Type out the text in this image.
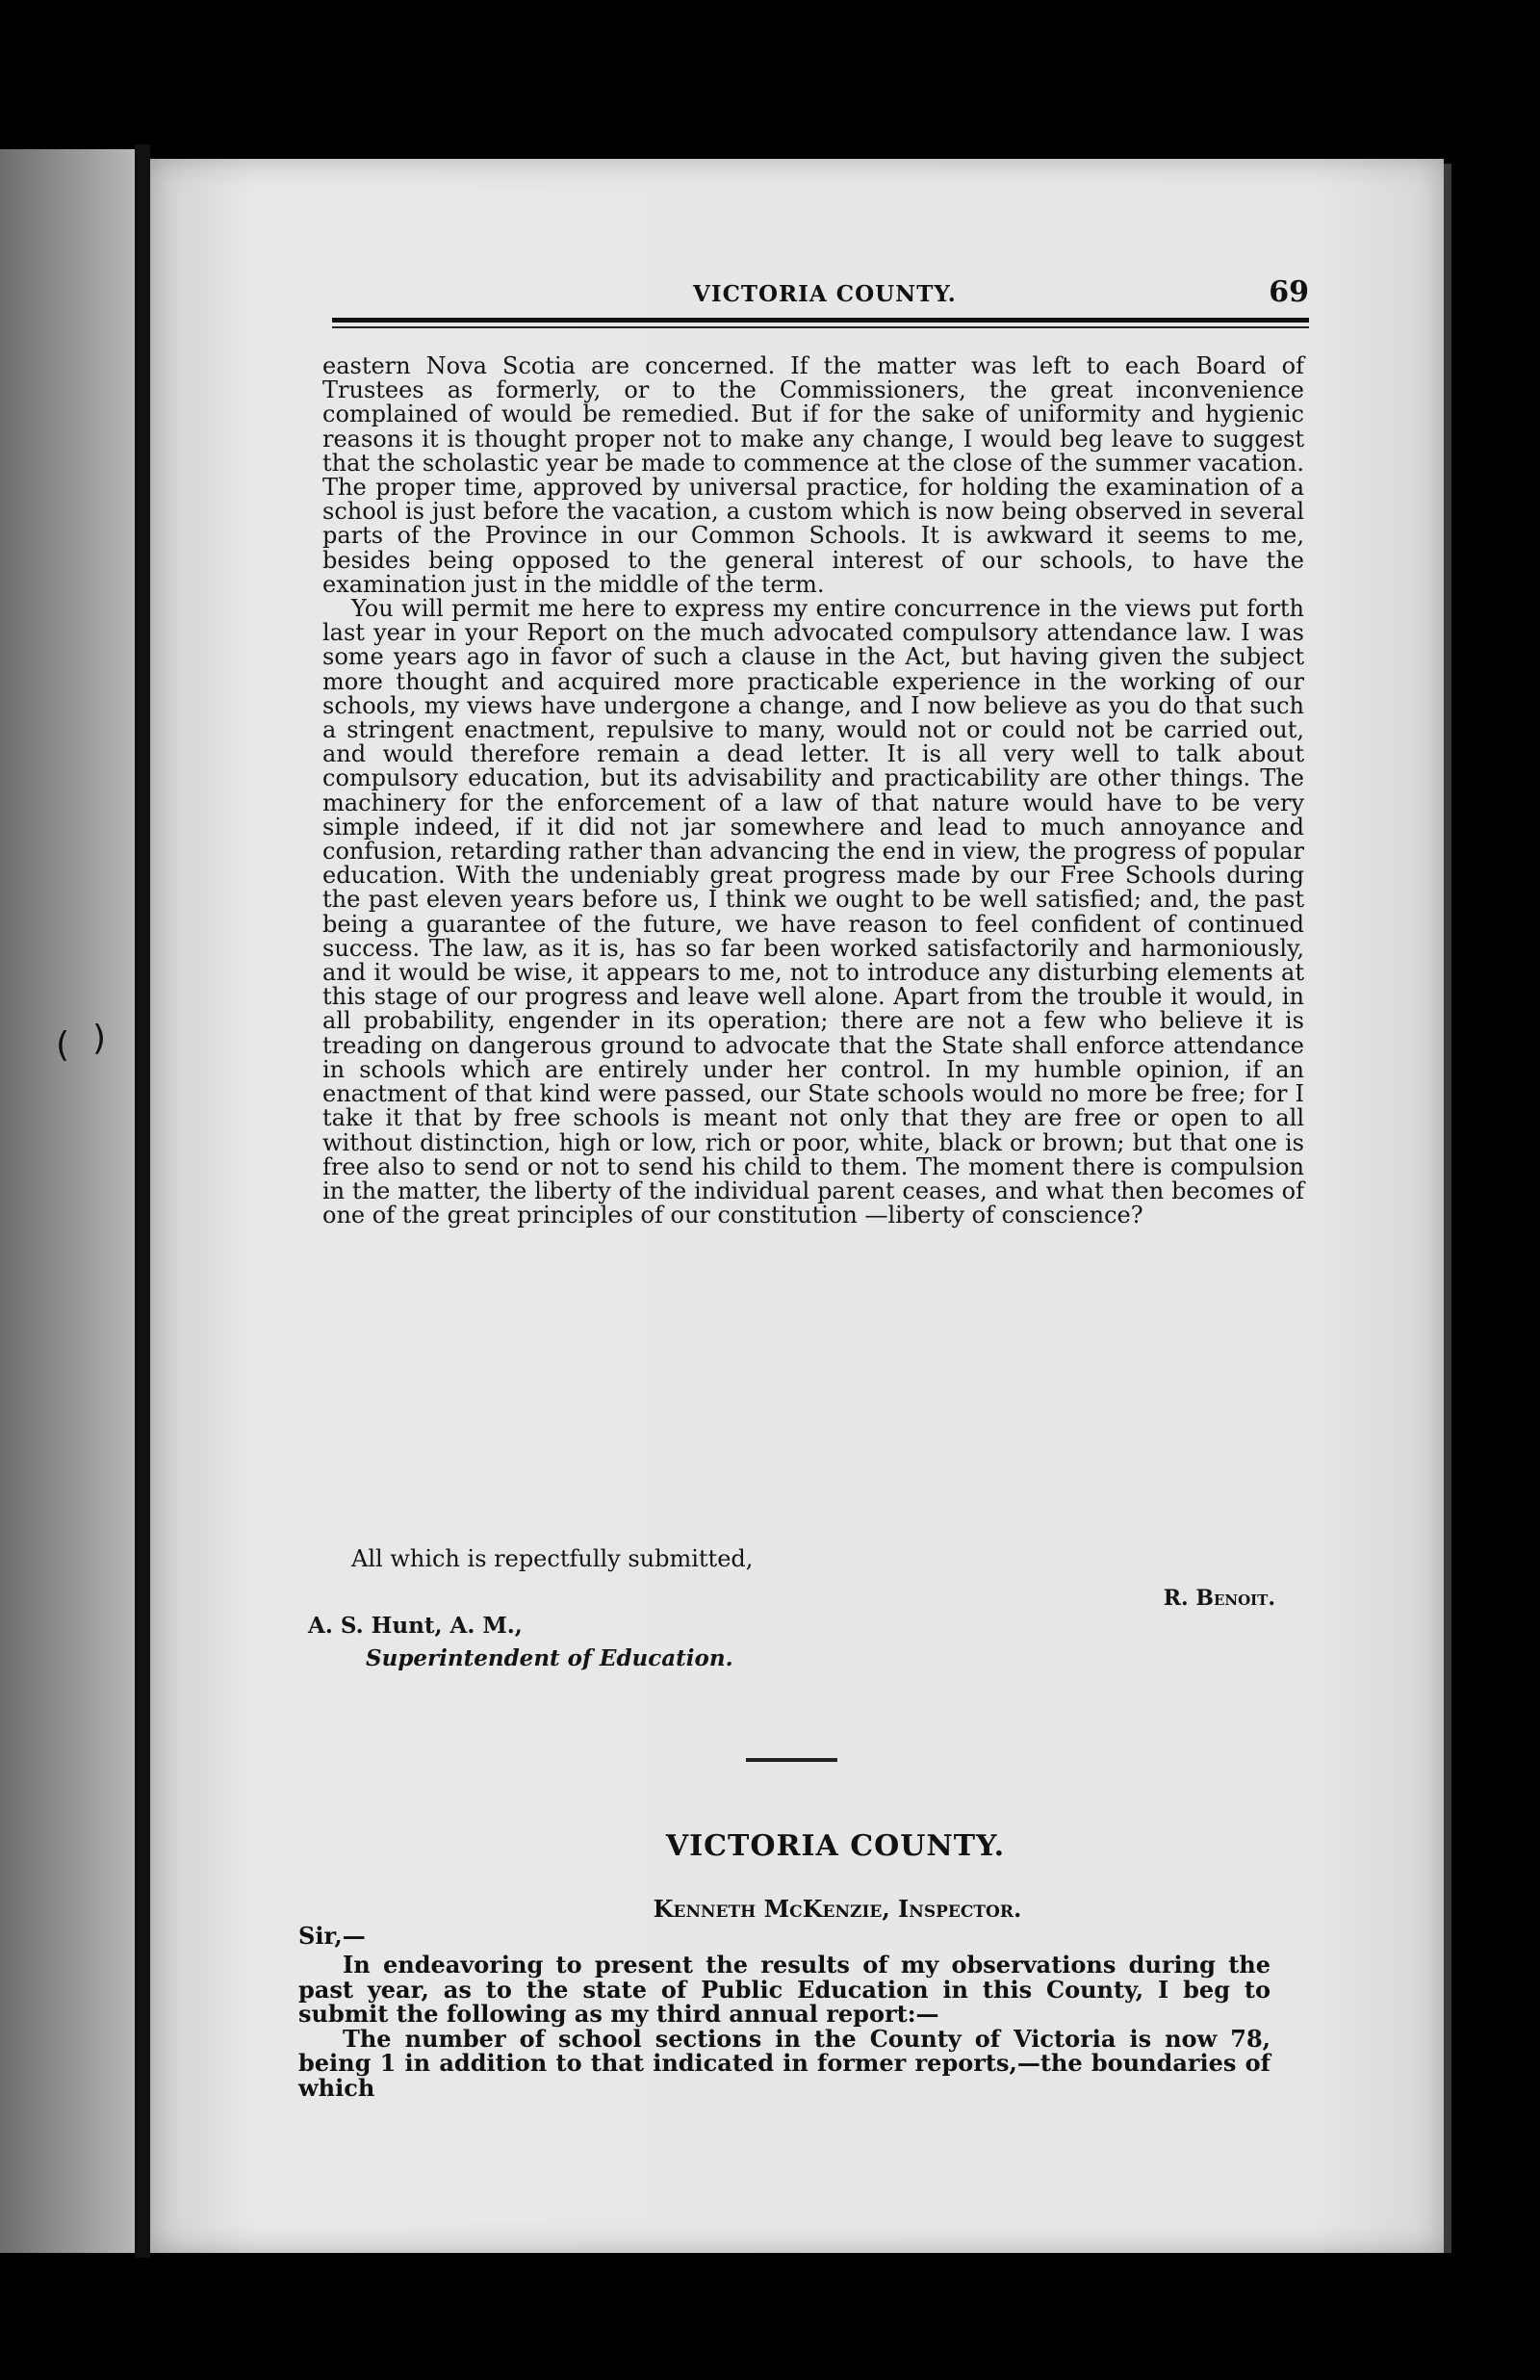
( )
VICTORIA COUNTY.	69

eastern Nova Scotia are concerned. If the matter was left to each Board of Trustees as formerly, or to the Commissioners, the great inconvenience complained of would be remedied. But if for the sake of uniformity and hygienic reasons it is thought proper not to make any change, I would beg leave to suggest that the scholastic year be made to commence at the close of the summer vacation. The proper time, approved by universal practice, for holding the examination of a school is just before the vacation, a custom which is now being observed in several parts of the Province in our Common Schools. It is awkward it seems to me, besides being opposed to the general interest of our schools, to have the examination just in the middle of the term.

You will permit me here to express my entire concurrence in the views put forth last year in your Report on the much advocated compulsory attendance law. I was some years ago in favor of such a clause in the Act, but having given the subject more thought and acquired more practicable experience in the working of our schools, my views have undergone a change, and I now believe as you do that such a stringent enactment, repulsive to many, would not or could not be carried out, and would therefore remain a dead letter. It is all very well to talk about compulsory education, but its advisability and practicability are other things. The machinery for the enforcement of a law of that nature would have to be very simple indeed, if it did not jar somewhere and lead to much annoyance and confusion, retarding rather than advancing the end in view, the progress of popular education. With the undeniably great progress made by our Free Schools during the past eleven years before us, I think we ought to be well satisfied; and, the past being a guarantee of the future, we have reason to feel confident of continued success. The law, as it is, has so far been worked satisfactorily and harmoniously, and it would be wise, it appears to me, not to introduce any disturbing elements at this stage of our progress and leave well alone. Apart from the trouble it would, in all probability, engender in its operation; there are not a few who believe it is treading on dangerous ground to advocate that the State shall enforce attendance in schools which are entirely under her control. In my humble opinion, if an enactment of that kind were passed, our State schools would no more be free; for I take it that by free schools is meant not only that they are free or open to all without distinction, high or low, rich or poor, white, black or brown; but that one is free also to send or not to send his child to them. The moment there is compulsion in the matter, the liberty of the individual parent ceases, and what then becomes of one of the great principles of our constitution —liberty of conscience?

All which is repectfully submitted,
R. Benoit.
A. S. Hunt, A. M.,
Superintendent of Education.
VICTORIA COUNTY.
Kenneth McKenzie, Inspector.
Sir,—

In endeavoring to present the results of my observations during the past year, as to the state of Public Education in this County, I beg to submit the following as my third annual report:—

The number of school sections in the County of Victoria is now 78, being 1 in addition to that indicated in former reports,—the boundaries of which
